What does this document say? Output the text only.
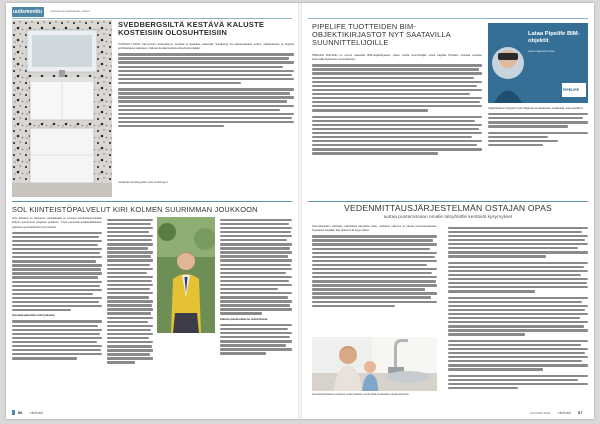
uutismonttu ...vaihtelevat laadukkaat uutiset
SVEDBERGSILTÄ KESTÄVÄ KALUSTE KOSTEISIIN OLOSUHTEISIIN
PUHTAAT LINJAT, harmoninen kokonaisuus, kestävä ja laadukas materiaali. Svedbergs tuo kalustesarjaan uuden, sileäpintaisen ja helposti puhdistettavan kalusteen. Kaluste kestää kosteita olosuhteita pitkään.
Lisätietoja Svedbergsiltä: www.svedbergs.fi
SOL KIINTEISTÖPALVELUT KIRI KOLMEN SUURIMMAN JOUKKOON
SOL Palvelut on kasvanut voimakkaasti ja noussut kiinteistöpalvelualan kolmen suurimman yrityksen joukkoon. Yritys panostaa asiakaslähtöiseen palveluun ja henkilöstön hyvinvointiin.
Sonaatta palvelutie kohti palvelut
Kattava palvelurakenne mahdollistaa
86 kiinteistö
PIPELIFE TUOTTEIDEN BIM-OBJEKTIKIRJASTOT NYT SAATAVILLA SUUNNITTELIJOILLE
PIPELIFE FINLAND on tuonut saataville BIM-objektikirjastot, joiden avulla suunnittelijat voivat käyttää Pipelifen tuotteita suoraan tietomallipohjaisessa suunnittelussa.
Lataa Pipelife BIM-objektit
www.magicad.com/en
PIPELIFE
Objektikirjastot löytyvät myös Magicad-sovelluksesta. Lisätietoja: www.pipelife.fi
VEDENMITTAUSJÄRJESTELMÄN OSTAJAN OPAS
auttaa puntaroimaan omalle taloyhtiölle kestävät kysymykset
Vesimittareiden valintaan vaikuttavat taloyhtiön koko, putkiston rakenne ja tulevat kunnostustarpeet. Oppaassa käydään läpi tärkeimmät kysymykset.
Huoneistokohtainen laskutus vedenmittarien avulla lisää asukkaiden tasapuolisuutta.
AUTUMN 2019 kiinteistö 87
